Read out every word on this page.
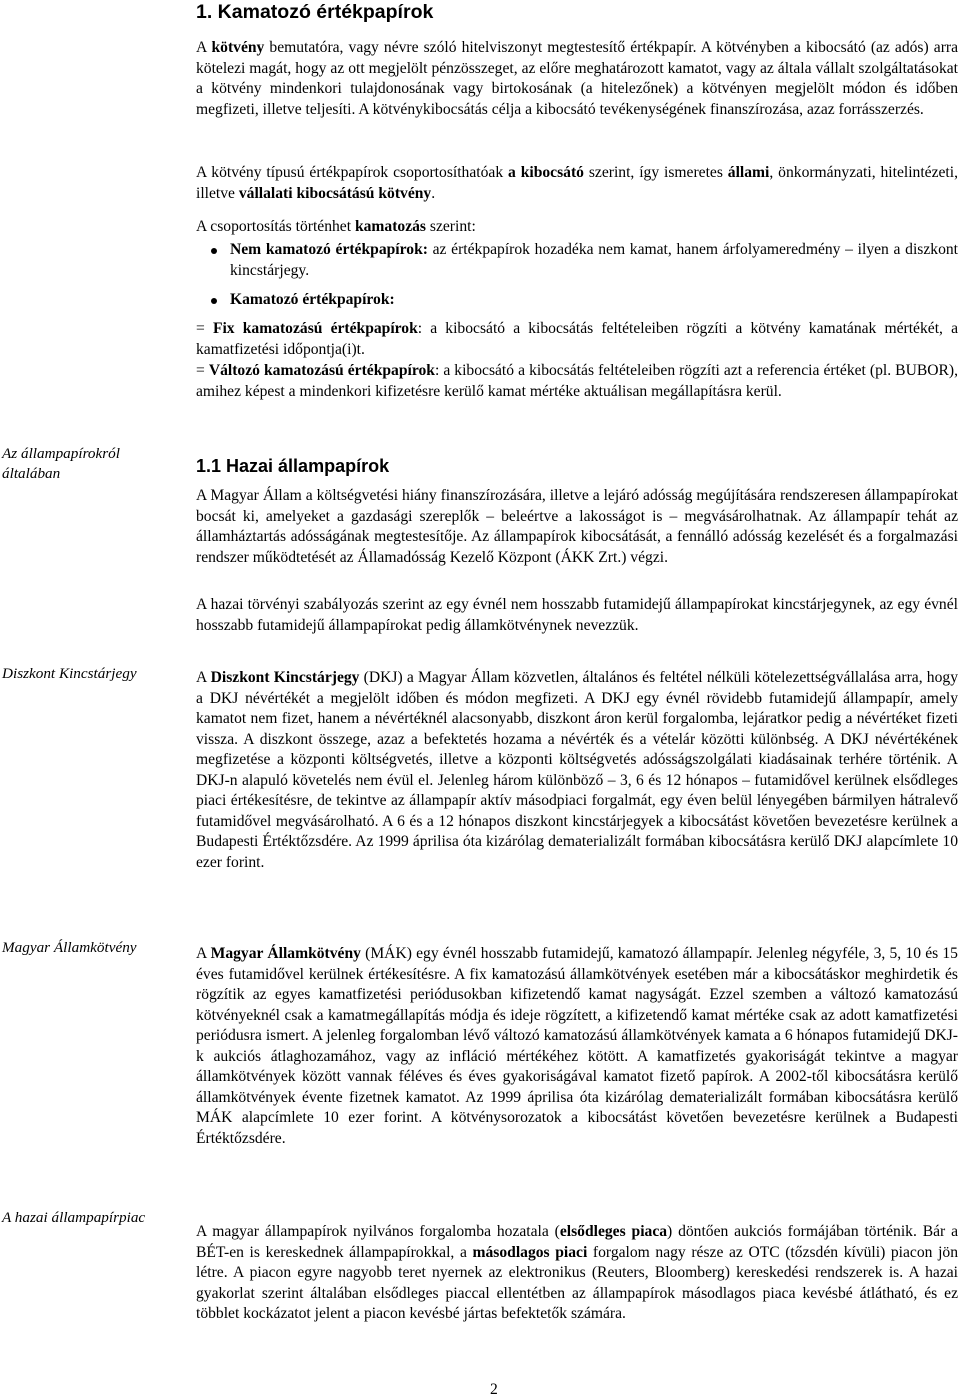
1. Kamatozó értékpapírok

A kötvény bemutatóra, vagy névre szóló hitelviszonyt megtestesítő értékpapír. A kötvényben a kibocsátó (az adós) arra kötelezi magát, hogy az ott megjelölt pénzösszeget, az előre meghatározott kamatot, vagy az általa vállalt szolgáltatásokat a kötvény mindenkori tulajdonosának vagy birtokosának (a hitelezőnek) a kötvényen megjelölt módon és időben megfizeti, illetve teljesíti. A kötvénykibocsátás célja a kibocsátó tevékenységének finanszírozása, azaz forrásszerzés.

A kötvény típusú értékpapírok csoportosíthatóak a kibocsátó szerint, így ismeretes állami, önkormányzati, hitelintézeti, illetve vállalati kibocsátású kötvény.

A csoportosítás történhet kamatozás szerint:

Nem kamatozó értékpapírok: az értékpapírok hozadéka nem kamat, hanem árfolyameredmény – ilyen a diszkont kincstárjegy.

Kamatozó értékpapírok:

= Fix kamatozású értékpapírok: a kibocsátó a kibocsátás feltételeiben rögzíti a kötvény kamatának mértékét, a kamatfizetési időpontja(i)t.

= Változó kamatozású értékpapírok: a kibocsátó a kibocsátás feltételeiben rögzíti azt a referencia értéket (pl. BUBOR), amihez képest a mindenkori kifizetésre kerülő kamat mértéke aktuálisan megállapításra kerül.

1.1 Hazai állampapírok

A Magyar Állam a költségvetési hiány finanszírozására, illetve a lejáró adósság megújítására rendszeresen állampapírokat bocsát ki, amelyeket a gazdasági szereplők – beleértve a lakosságot is – megvásárolhatnak. Az állampapír tehát az államháztartás adósságának megtestesítője. Az állampapírok kibocsátását, a fennálló adósság kezelését és a forgalmazási rendszer működtetését az Államadósság Kezelő Központ (ÁKK Zrt.) végzi.

A hazai törvényi szabályozás szerint az egy évnél nem hosszabb futamidejű állampapírokat kincstárjegynek, az egy évnél hosszabb futamidejű állampapírokat pedig államkötvénynek nevezzük.

A Diszkont Kincstárjegy (DKJ) a Magyar Állam közvetlen, általános és feltétel nélküli kötelezettségvállalása arra, hogy a DKJ névértékét a megjelölt időben és módon megfizeti. A DKJ egy évnél rövidebb futamidejű állampapír, amely kamatot nem fizet, hanem a névértéknél alacsonyabb, diszkont áron kerül forgalomba, lejáratkor pedig a névértéket fizeti vissza. A diszkont összege, azaz a befektetés hozama a névérték és a vételár közötti különbség. A DKJ névértékének megfizetése a központi költségvetés, illetve a központi költségvetés adósságszolgálati kiadásainak terhére történik. A DKJ-n alapuló követelés nem évül el. Jelenleg három különböző – 3, 6 és 12 hónapos – futamidővel kerülnek elsődleges piaci értékesítésre, de tekintve az állampapír aktív másodpiaci forgalmát, egy éven belül lényegében bármilyen hátralevő futamidővel megvásárolható. A 6 és a 12 hónapos diszkont kincstárjegyek a kibocsátást követően bevezetésre kerülnek a Budapesti Értéktőzsdére. Az 1999 áprilisa óta kizárólag dematerializált formában kibocsátásra kerülő DKJ alapcímlete 10 ezer forint.

A Magyar Államkötvény (MÁK) egy évnél hosszabb futamidejű, kamatozó állampapír. Jelenleg négyféle, 3, 5, 10 és 15 éves futamidővel kerülnek értékesítésre. A fix kamatozású államkötvények esetében már a kibocsátáskor meghirdetik és rögzítik az egyes kamatfizetési periódusokban kifizetendő kamat nagyságát. Ezzel szemben a változó kamatozású kötvényeknél csak a kamatmegállapítás módja és ideje rögzített, a kifizetendő kamat mértéke csak az adott kamatfizetési periódusra ismert. A jelenleg forgalomban lévő változó kamatozású államkötvények kamata a 6 hónapos futamidejű DKJ-k aukciós átlaghozamához, vagy az infláció mértékéhez kötött. A kamatfizetés gyakoriságát tekintve a magyar államkötvények között vannak féléves és éves gyakoriságával kamatot fizető papírok. A 2002-től kibocsátásra kerülő államkötvények évente fizetnek kamatot. Az 1999 áprilisa óta kizárólag dematerializált formában kibocsátásra kerülő MÁK alapcímlete 10 ezer forint. A kötvénysorozatok a kibocsátást követően bevezetésre kerülnek a Budapesti Értéktőzsdére.

A magyar állampapírok nyilvános forgalomba hozatala (elsődleges piaca) döntően aukciós formájában történik. Bár a BÉT-en is kereskednek állampapírokkal, a másodlagos piaci forgalom nagy része az OTC (tőzsdén kívüli) piacon jön létre. A piacon egyre nagyobb teret nyernek az elektronikus (Reuters, Bloomberg) kereskedési rendszerek is. A hazai gyakorlat szerint általában elsődleges piaccal ellentétben az állampapírok másodlagos piaca kevésbé átlátható, és ez többlet kockázatot jelent a piacon kevésbé jártas befektetők számára.

Az állampapírokról általában

Diszkont Kincstárjegy

Magyar Államkötvény

A hazai állampapírpiac

2
